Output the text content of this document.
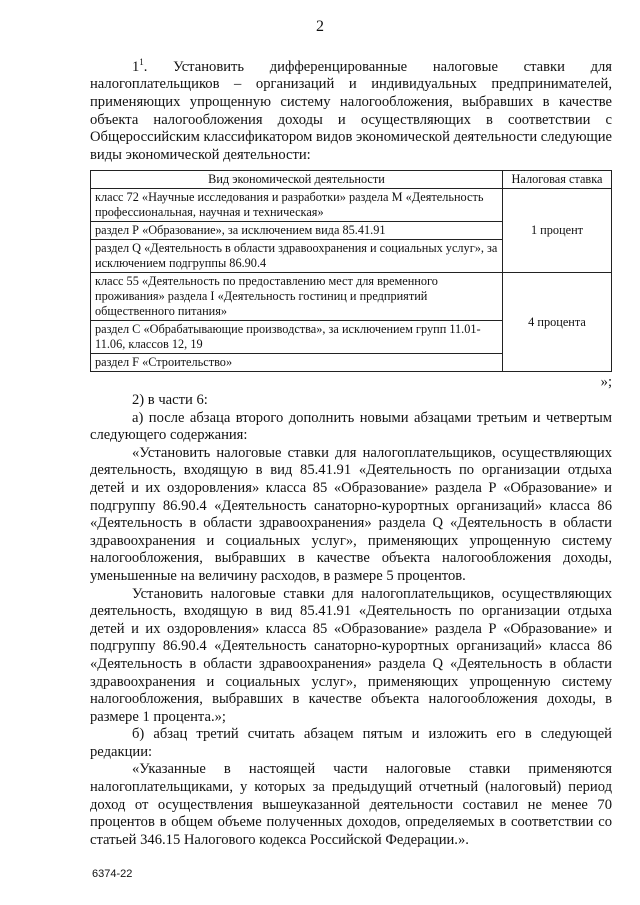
2

$1^1$. Установить дифференцированные налоговые ставки для налогоплательщиков – организаций и индивидуальных предпринимателей, применяющих упрощенную систему налогообложения, выбравших в качестве объекта налогообложения доходы и осуществляющих в соответствии с Общероссийским классификатором видов экономической деятельности следующие виды экономической деятельности:

Вид экономической деятельности	Налоговая ставка
класс 72 «Научные исследования и разработки» раздела М «Деятельность профессиональная, научная и техническая»	1 процент
раздел Р «Образование», за исключением вида 85.41.91	
раздел Q «Деятельность в области здравоохранения и социальных услуг», за исключением подгруппы 86.90.4	
класс 55 «Деятельность по предоставлению мест для временного проживания» раздела I «Деятельность гостиниц и предприятий общественного питания»	4 процента
раздел С «Обрабатывающие производства», за исключением групп 11.01-11.06, классов 12, 19	
раздел F «Строительство»	

»;

2) в части 6:

а) после абзаца второго дополнить новыми абзацами третьим и четвертым следующего содержания:

«Установить налоговые ставки для налогоплательщиков, осуществляющих деятельность, входящую в вид 85.41.91 «Деятельность по организации отдыха детей и их оздоровления» класса 85 «Образование» раздела Р «Образование» и подгруппу 86.90.4 «Деятельность санаторно-курортных организаций» класса 86 «Деятельность в области здравоохранения» раздела Q «Деятельность в области здравоохранения и социальных услуг», применяющих упрощенную систему налогообложения, выбравших в качестве объекта налогообложения доходы, уменьшенные на величину расходов, в размере 5 процентов.

Установить налоговые ставки для налогоплательщиков, осуществляющих деятельность, входящую в вид 85.41.91 «Деятельность по организации отдыха детей и их оздоровления» класса 85 «Образование» раздела Р «Образование» и подгруппу 86.90.4 «Деятельность санаторно-курортных организаций» класса 86 «Деятельность в области здравоохранения» раздела Q «Деятельность в области здравоохранения и социальных услуг», применяющих упрощенную систему налогообложения, выбравших в качестве объекта налогообложения доходы, в размере 1 процента.»;

б) абзац третий считать абзацем пятым и изложить его в следующей редакции:

«Указанные в настоящей части налоговые ставки применяются налогоплательщиками, у которых за предыдущий отчетный (налоговый) период доход от осуществления вышеуказанной деятельности составил не менее 70 процентов в общем объеме полученных доходов, определяемых в соответствии со статьей 346.15 Налогового кодекса Российской Федерации.».

6374-22
